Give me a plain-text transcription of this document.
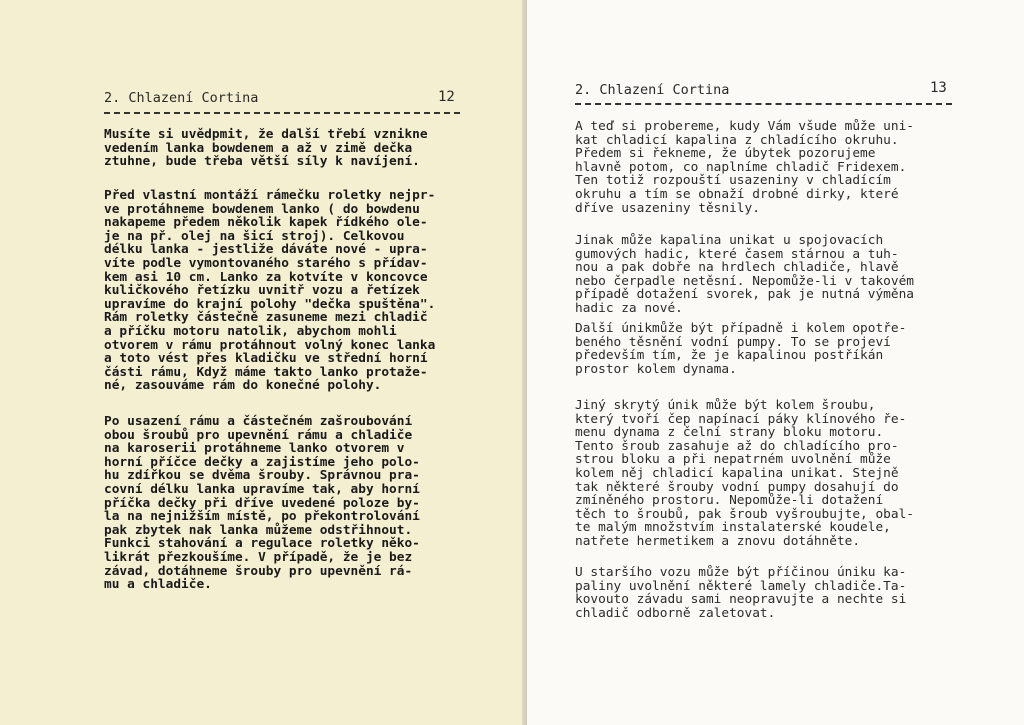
2. Chlazení Cortina	12
Musíte si uvědpmit, že další třebí vznikne
vedením lanka bowdenem a až v zimě dečka
ztuhne, bude třeba větší síly k navíjení.
Před vlastní montáží rámečku roletky nejpr-
ve protáhneme bowdenem lanko ( do bowdenu
nakapeme předem několik kapek řídkého ole-
je na př. olej na šicí stroj). Celkovou
délku lanka - jestliže dáváte nové - upra-
víte podle vymontovaného starého s přídav-
kem asi 10 cm. Lanko za kotvíte v koncovce
kuličkového řetízku uvnitř vozu a řetízek
upravíme do krajní polohy "dečka spuštěna".
Rám roletky částečně zasuneme mezi chladič
a příčku motoru natolik, abychom mohli
otvorem v rámu protáhnout volný konec lanka
a toto vést přes kladičku ve střední horní
části rámu, Když máme takto lanko protaže-
né, zasouváme rám do konečné polohy.
Po usazení rámu a částečném zašroubování
obou šroubů pro upevnění rámu a chladiče
na karoserii protáhneme lanko otvorem v
horní příčce dečky a zajistíme jeho polo-
hu zdířkou se dvěma šrouby. Správnou pra-
covní délku lanka upravíme tak, aby horní
příčka dečky při dříve uvedené poloze by-
la na nejnižším místě, po překontrolování
pak zbytek nak lanka můžeme odstřihnout.
Funkci stahování a regulace roletky něko-
likrát přezkoušíme. V případě, že je bez
závad, dotáhneme šrouby pro upevnění rá-
mu a chladiče.
2. Chlazení Cortina	13
A teď si probereme, kudy Vám všude může uni-
kat chladicí kapalina z chladícího okruhu.
Předem si řekneme, že úbytek pozorujeme
hlavně potom, co naplníme chladič Fridexem.
Ten totiž rozpouští usazeniny v chladícím
okruhu a tím se obnaží drobné dirky, které
dříve usazeniny těsnily.
Jinak může kapalina unikat u spojovacích
gumových hadic, které časem stárnou a tuh-
nou a pak dobře na hrdlech chladiče, hlavě
nebo čerpadle netěsní. Nepomůže-li v takovém
případě dotažení svorek, pak je nutná výměna
hadic za nové.
Další únikmůže být případně i kolem opotře-
beného těsnění vodní pumpy. To se projeví
především tím, že je kapalinou postříkán
prostor kolem dynama.
Jiný skrytý únik může být kolem šroubu,
který tvoří čep napínací páky klínového ře-
menu dynama z čelní strany bloku motoru.
Tento šroub zasahuje až do chladícího pro-
strou bloku a při nepatrném uvolnění může
kolem něj chladicí kapalina unikat. Stejně
tak některé šrouby vodní pumpy dosahují do
zmíněného prostoru. Nepomůže-li dotažení
těch to šroubů, pak šroub vyšroubujte, obal-
te malým množstvím instalaterské koudele,
natřete hermetikem a znovu dotáhněte.
U staršího vozu může být příčinou úniku ka-
paliny uvolnění některé lamely chladiče.Ta-
kovouto závadu sami neopravujte a nechte si
chladič odborně zaletovat.
